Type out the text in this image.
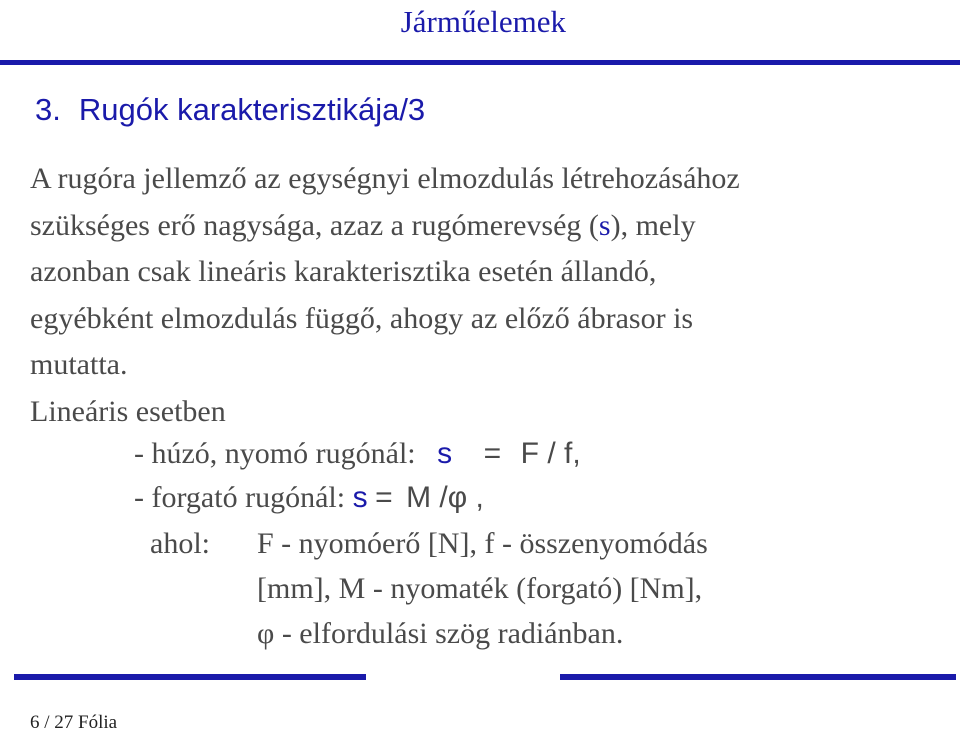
Járműelemek
3. Rugók karakterisztikája/3
A rugóra jellemző az egységnyi elmozdulás létrehozásához
szükséges erő nagysága, azaz a rugómerevség (s), mely
azonban csak lineáris karakterisztika esetén állandó,
egyébként elmozdulás függő, ahogy az előző ábrasor is
mutatta.
Lineáris esetben
- húzó, nyomó rugónál: s = F / f,
- forgató rugónál: s = M /φ ,
ahol: F - nyomóerő [N], f - összenyomódás
[mm], M - nyomaték (forgató) [Nm],
φ - elfordulási szög radiánban.
6 / 27 Fólia
